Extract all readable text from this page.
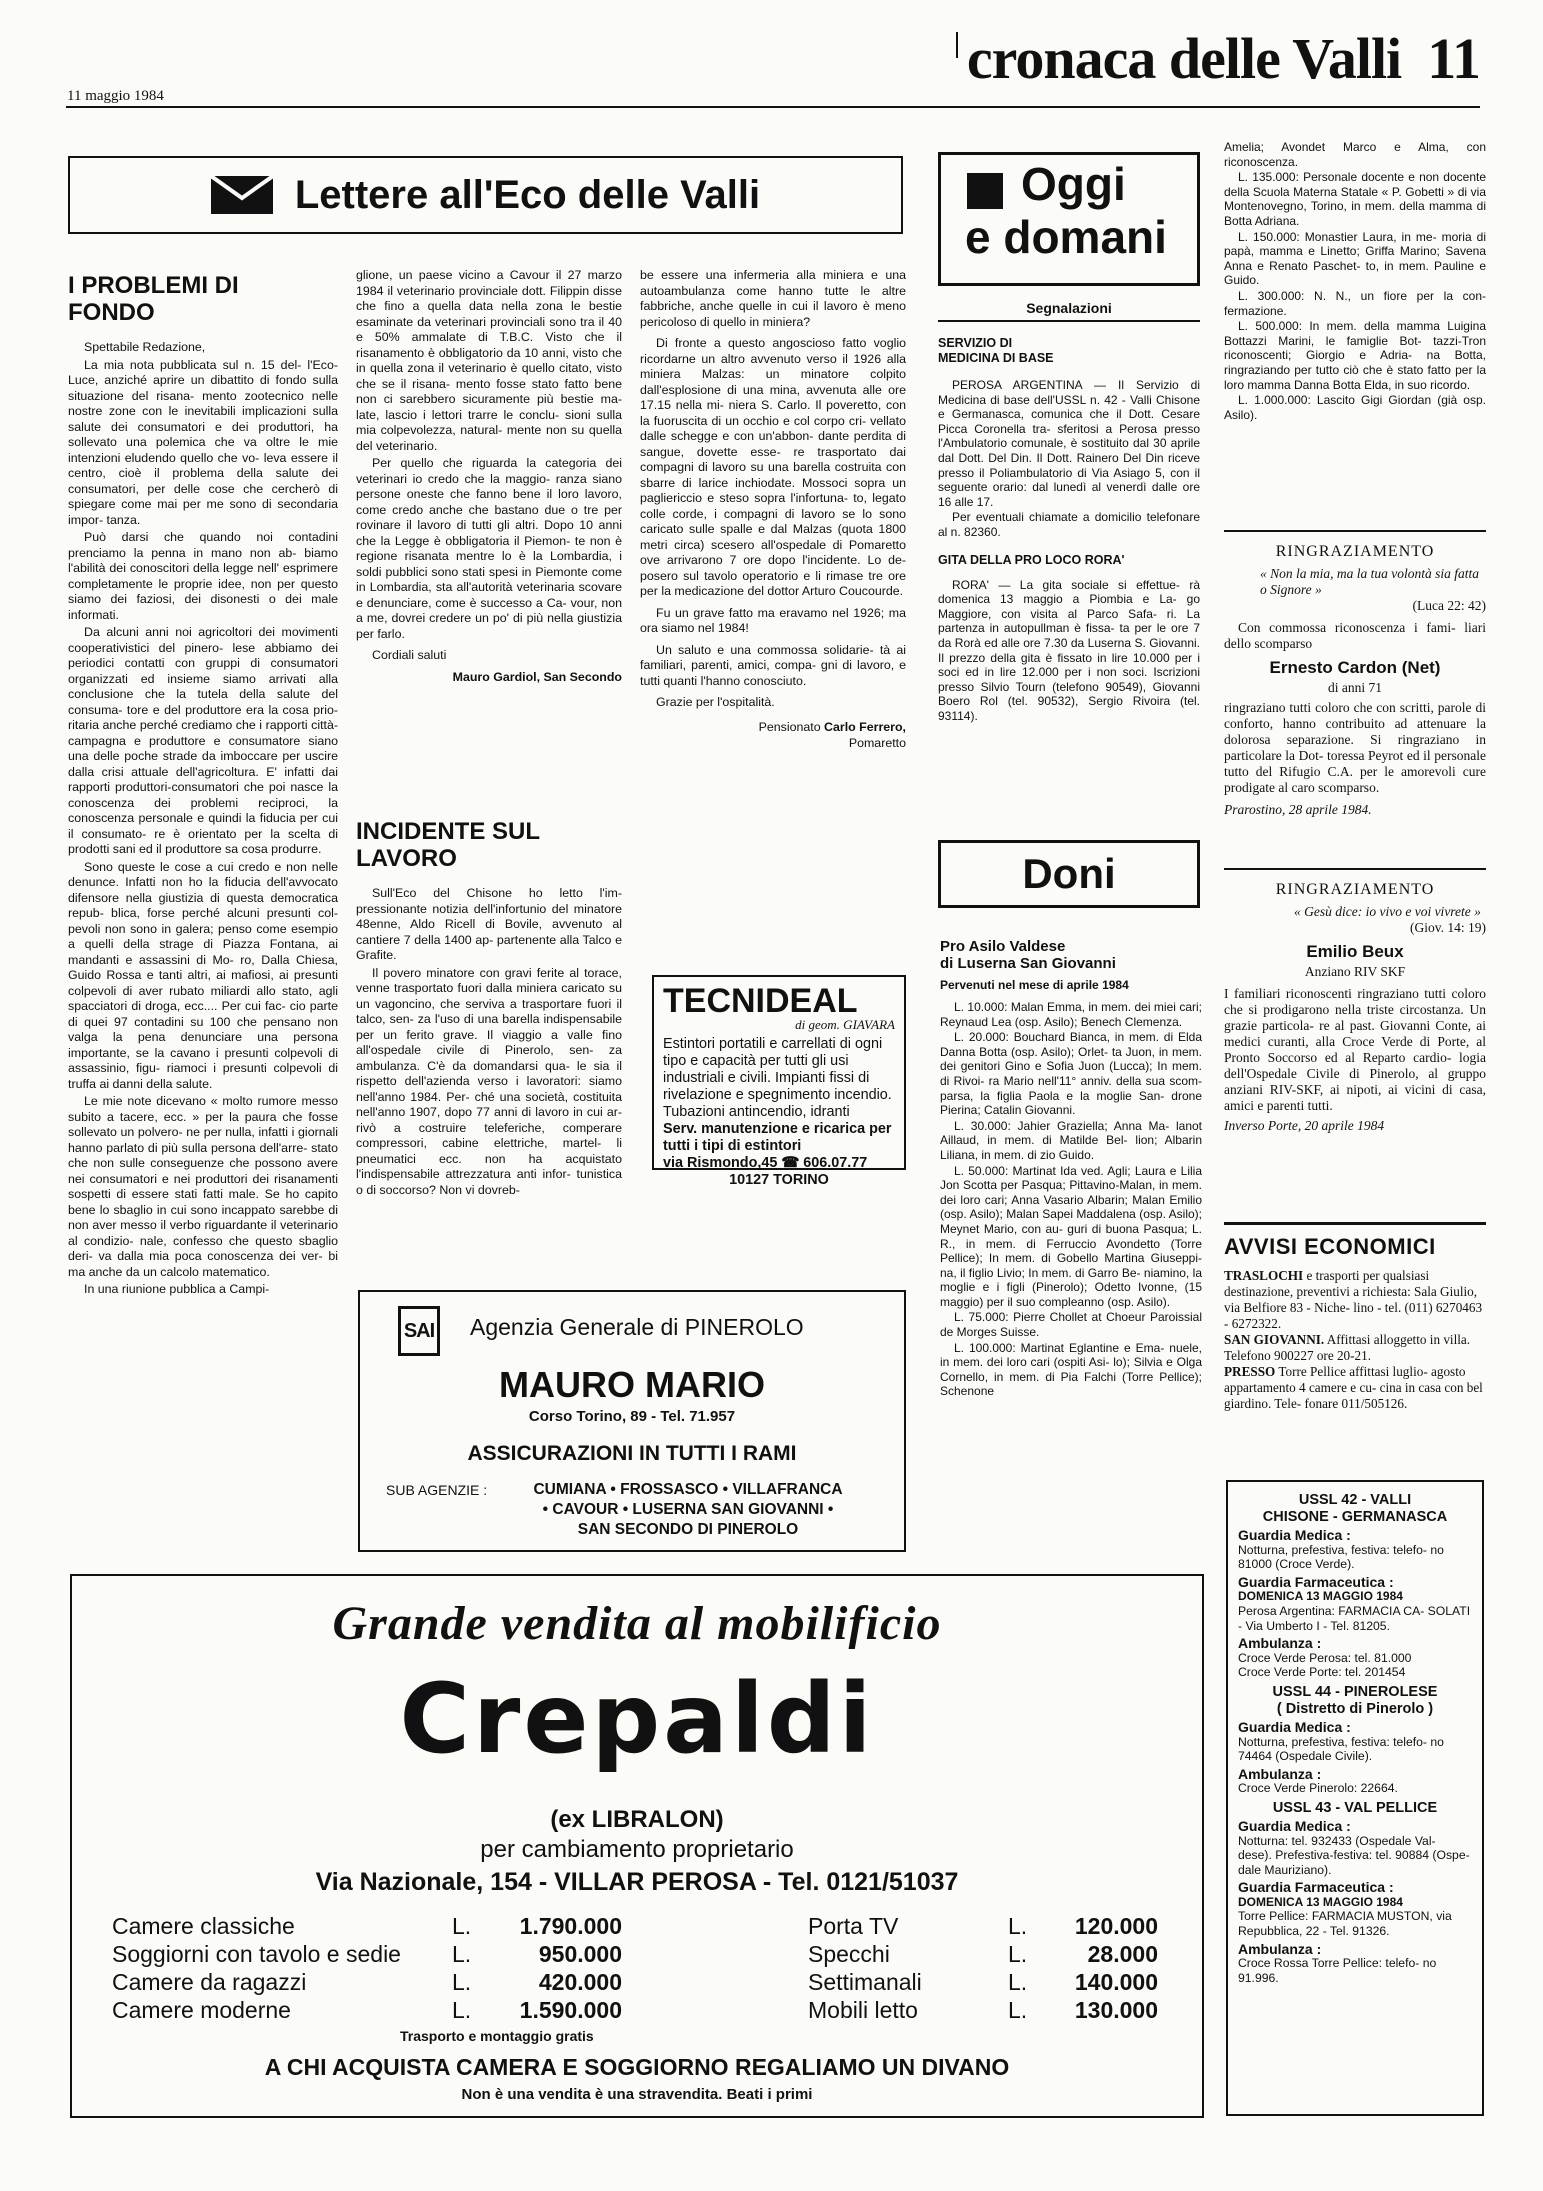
11 maggio 1984
cronaca delle Valli 11
Lettere all'Eco delle Valli
I PROBLEMI DI FONDO

Spettabile Redazione,

La mia nota pubblicata sul n. 15 del- l'Eco-Luce, anziché aprire un dibattito di fondo sulla situazione del risana- mento zootecnico nelle nostre zone con le inevitabili implicazioni sulla salute dei consumatori e dei produttori, ha sollevato una polemica che va oltre le mie intenzioni eludendo quello che vo- leva essere il centro, cioè il problema della salute dei consumatori, per delle cose che cercherò di spiegare come mai per me sono di secondaria impor- tanza.

Può darsi che quando noi contadini prenciamo la penna in mano non ab- biamo l'abilità dei conoscitori della legge nell' esprimere completamente le proprie idee, non per questo siamo dei faziosi, dei disonesti o dei male informati.

Da alcuni anni noi agricoltori dei movimenti cooperativistici del pinero- lese abbiamo dei periodici contatti con gruppi di consumatori organizzati ed insieme siamo arrivati alla conclusione che la tutela della salute del consuma- tore e del produttore era la cosa prio- ritaria anche perché crediamo che i rapporti città-campagna e produttore e consumatore siano una delle poche strade da imboccare per uscire dalla crisi attuale dell'agricoltura. E' infatti dai rapporti produttori-consumatori che poi nasce la conoscenza dei problemi reciproci, la conoscenza personale e quindi la fiducia per cui il consumato- re è orientato per la scelta di prodotti sani ed il produttore sa cosa produrre.

Sono queste le cose a cui credo e non nelle denunce. Infatti non ho la fiducia dell'avvocato difensore nella giustizia di questa democratica repub- blica, forse perché alcuni presunti col- pevoli non sono in galera; penso come esempio a quelli della strage di Piazza Fontana, ai mandanti e assassini di Mo- ro, Dalla Chiesa, Guido Rossa e tanti altri, ai mafiosi, ai presunti colpevoli di aver rubato miliardi allo stato, agli spacciatori di droga, ecc.... Per cui fac- cio parte di quei 97 contadini su 100 che pensano non valga la pena denunciare una persona importante, se la cavano i presunti colpevoli di assassinio, figu- riamoci i presunti colpevoli di truffa ai danni della salute.

Le mie note dicevano « molto rumore messo subito a tacere, ecc. » per la paura che fosse sollevato un polvero- ne per nulla, infatti i giornali hanno parlato di più sulla persona dell'arre- stato che non sulle conseguenze che possono avere nei consumatori e nei produttori dei risanamenti sospetti di essere stati fatti male. Se ho capito bene lo sbaglio in cui sono incappato sarebbe di non aver messo il verbo riguardante il veterinario al condizio- nale, confesso che questo sbaglio deri- va dalla mia poca conoscenza dei ver- bi ma anche da un calcolo matematico.

In una riunione pubblica a Campi-

glione, un paese vicino a Cavour il 27 marzo 1984 il veterinario provinciale dott. Filippin disse che fino a quella data nella zona le bestie esaminate da veterinari provinciali sono tra il 40 e 50% ammalate di T.B.C. Visto che il risanamento è obbligatorio da 10 anni, visto che in quella zona il veterinario è quello citato, visto che se il risana- mento fosse stato fatto bene non ci sarebbero sicuramente più bestie ma- late, lascio i lettori trarre le conclu- sioni sulla mia colpevolezza, natural- mente non su quella del veterinario.

Per quello che riguarda la categoria dei veterinari io credo che la maggio- ranza siano persone oneste che fanno bene il loro lavoro, come credo anche che bastano due o tre per rovinare il lavoro di tutti gli altri. Dopo 10 anni che la Legge è obbligatoria il Piemon- te non è regione risanata mentre lo è la Lombardia, i soldi pubblici sono stati spesi in Piemonte come in Lombardia, sta all'autorità veterinaria scovare e denunciare, come è successo a Ca- vour, non a me, dovrei credere un po' di più nella giustizia per farlo.

Cordiali saluti

Mauro Gardiol, San Secondo
INCIDENTE SUL LAVORO

Sull'Eco del Chisone ho letto l'im- pressionante notizia dell'infortunio del minatore 48enne, Aldo Ricell di Bovile, avvenuto al cantiere 7 della 1400 ap- partenente alla Talco e Grafite.

Il povero minatore con gravi ferite al torace, venne trasportato fuori dalla miniera caricato su un vagoncino, che serviva a trasportare fuori il talco, sen- za l'uso di una barella indispensabile per un ferito grave. Il viaggio a valle fino all'ospedale civile di Pinerolo, sen- za ambulanza. C'è da domandarsi qua- le sia il rispetto dell'azienda verso i lavoratori: siamo nell'anno 1984. Per- ché una società, costituita nell'anno 1907, dopo 77 anni di lavoro in cui ar- rivò a costruire teleferiche, comperare compressori, cabine elettriche, martel- li pneumatici ecc. non ha acquistato l'indispensabile attrezzatura anti infor- tunistica o di soccorso? Non vi dovreb-

be essere una infermeria alla miniera e una autoambulanza come hanno tutte le altre fabbriche, anche quelle in cui il lavoro è meno pericoloso di quello in miniera?

Di fronte a questo angoscioso fatto voglio ricordarne un altro avvenuto verso il 1926 alla miniera Malzas: un minatore colpito dall'esplosione di una mina, avvenuta alle ore 17.15 nella mi- niera S. Carlo. Il poveretto, con la fuoruscita di un occhio e col corpo cri- vellato dalle schegge e con un'abbon- dante perdita di sangue, dovette esse- re trasportato dai compagni di lavoro su una barella costruita con sbarre di larice inchiodate. Mossoci sopra un pagliericcio e steso sopra l'infortuna- to, legato colle corde, i compagni di lavoro se lo sono caricato sulle spalle e dal Malzas (quota 1800 metri circa) scesero all'ospedale di Pomaretto ove arrivarono 7 ore dopo l'incidente. Lo de- posero sul tavolo operatorio e li rimase tre ore per la medicazione del dottor Arturo Coucourde.

Fu un grave fatto ma eravamo nel 1926; ma ora siamo nel 1984!

Un saluto e una commossa solidarie- tà ai familiari, parenti, amici, compa- gni di lavoro, e tutti quanti l'hanno conosciuto.

Grazie per l'ospitalità.

Pensionato Carlo Ferrero,
Pomaretto
TECNIDEAL
di geom. GIAVARA
Estintori portatili e carrellati di ogni tipo e capacità per tutti gli usi industriali e civili. Impianti fissi di rivelazione e spegnimento incendio. Tubazioni antincendio, idranti
Serv. manutenzione e ricarica per tutti i tipi di estintori
via Rismondo,45 ☎ 606.07.77
10127 TORINO
SAI Agenzia Generale di PINEROLO
MAURO MARIO
Corso Torino, 89 - Tel. 71.957
ASSICURAZIONI IN TUTTI I RAMI
SUB AGENZIE :	CUMIANA • FROSSASCO • VILLAFRANCA
• CAVOUR • LUSERNA SAN GIOVANNI •
SAN SECONDO DI PINEROLO
Oggi
e domani
Segnalazioni
SERVIZIO DI
MEDICINA DI BASE

PEROSA ARGENTINA — Il Servizio di Medicina di base dell'USSL n. 42 - Valli Chisone e Germanasca, comunica che il Dott. Cesare Picca Coronella tra- sferitosi a Perosa presso l'Ambulatorio comunale, è sostituito dal 30 aprile dal Dott. Del Din. Il Dott. Rainero Del Din riceve presso il Poliambulatorio di Via Asiago 5, con il seguente orario: dal lunedì al venerdì dalle ore 16 alle 17.

Per eventuali chiamate a domicilio telefonare al n. 82360.

GITA DELLA PRO LOCO RORA'

RORA' — La gita sociale si effettue- rà domenica 13 maggio a Piombia e La- go Maggiore, con visita al Parco Safa- ri. La partenza in autopullman è fissa- ta per le ore 7 da Rorà ed alle ore 7.30 da Luserna S. Giovanni. Il prezzo della gita è fissato in lire 10.000 per i soci ed in lire 12.000 per i non soci. Iscrizioni presso Silvio Tourn (telefono 90549), Giovanni Boero Rol (tel. 90532), Sergio Rivoira (tel. 93114).

Doni
Pro Asilo Valdese
di Luserna San Giovanni
Pervenuti nel mese di aprile 1984

L. 10.000: Malan Emma, in mem. dei miei cari; Reynaud Lea (osp. Asilo); Benech Clemenza.

L. 20.000: Bouchard Bianca, in mem. di Elda Danna Botta (osp. Asilo); Orlet- ta Juon, in mem. dei genitori Gino e Sofia Juon (Lucca); In mem. di Rivoi- ra Mario nell'11° anniv. della sua scom- parsa, la figlia Paola e la moglie San- drone Pierina; Catalin Giovanni.

L. 30.000: Jahier Graziella; Anna Ma- lanot Aillaud, in mem. di Matilde Bel- lion; Albarin Liliana, in mem. di zio Guido.

L. 50.000: Martinat Ida ved. Agli; Laura e Lilia Jon Scotta per Pasqua; Pittavino-Malan, in mem. dei loro cari; Anna Vasario Albarin; Malan Emilio (osp. Asilo); Malan Sapei Maddalena (osp. Asilo); Meynet Mario, con au- guri di buona Pasqua; L. R., in mem. di Ferruccio Avondetto (Torre Pellice); In mem. di Gobello Martina Giuseppi- na, il figlio Livio; In mem. di Garro Be- niamino, la moglie e i figli (Pinerolo); Odetto Ivonne, (15 maggio) per il suo compleanno (osp. Asilo).

L. 75.000: Pierre Chollet at Choeur Paroissial de Morges Suisse.

L. 100.000: Martinat Eglantine e Ema- nuele, in mem. dei loro cari (ospiti Asi- lo); Silvia e Olga Cornello, in mem. di Pia Falchi (Torre Pellice); Schenone

Amelia; Avondet Marco e Alma, con riconoscenza.

L. 135.000: Personale docente e non docente della Scuola Materna Statale « P. Gobetti » di via Montenovegno, Torino, in mem. della mamma di Botta Adriana.

L. 150.000: Monastier Laura, in me- moria di papà, mamma e Linetto; Griffa Marino; Savena Anna e Renato Paschet- to, in mem. Pauline e Guido.

L. 300.000: N. N., un fiore per la con- fermazione.

L. 500.000: In mem. della mamma Luigina Bottazzi Marini, le famiglie Bot- tazzi-Tron riconoscenti; Giorgio e Adria- na Botta, ringraziando per tutto ciò che è stato fatto per la loro mamma Danna Botta Elda, in suo ricordo.

L. 1.000.000: Lascito Gigi Giordan (già osp. Asilo).

RINGRAZIAMENTO
« Non la mia, ma la tua volontà sia fatta o Signore »
(Luca 22: 42)
Con commossa riconoscenza i fami- liari dello scomparso
Ernesto Cardon (Net)
di anni 71
ringraziano tutti coloro che con scritti, parole di conforto, hanno contribuito ad attenuare la dolorosa separazione. Si ringraziano in particolare la Dot- toressa Peyrot ed il personale tutto del Rifugio C.A. per le amorevoli cure prodigate al caro scomparso.
Prarostino, 28 aprile 1984.
RINGRAZIAMENTO
« Gesù dice: io vivo e voi vivrete »
(Giov. 14: 19)
Emilio Beux
Anziano RIV SKF
I familiari riconoscenti ringraziano tutti coloro che si prodigarono nella triste circostanza. Un grazie particola- re al past. Giovanni Conte, ai medici curanti, alla Croce Verde di Porte, al Pronto Soccorso ed al Reparto cardio- logia dell'Ospedale Civile di Pinerolo, al gruppo anziani RIV-SKF, ai nipoti, ai vicini di casa, amici e parenti tutti.
Inverso Porte, 20 aprile 1984
AVVISI ECONOMICI

TRASLOCHI e trasporti per qualsiasi destinazione, preventivi a richiesta: Sala Giulio, via Belfiore 83 - Niche- lino - tel. (011) 6270463 - 6272322.

SAN GIOVANNI. Affittasi alloggetto in villa. Telefono 900227 ore 20-21.

PRESSO Torre Pellice affittasi luglio- agosto appartamento 4 camere e cu- cina in casa con bel giardino. Tele- fonare 011/505126.

USSL 42 - VALLI
CHISONE - GERMANASCA
Guardia Medica :
Notturna, prefestiva, festiva: telefo- no 81000 (Croce Verde).
Guardia Farmaceutica :
DOMENICA 13 MAGGIO 1984
Perosa Argentina: FARMACIA CA- SOLATI - Via Umberto I - Tel. 81205.
Ambulanza :
Croce Verde Perosa: tel. 81.000
Croce Verde Porte: tel. 201454
USSL 44 - PINEROLESE
( Distretto di Pinerolo )
Guardia Medica :
Notturna, prefestiva, festiva: telefo- no 74464 (Ospedale Civile).
Ambulanza :
Croce Verde Pinerolo: 22664.
USSL 43 - VAL PELLICE
Guardia Medica :
Notturna: tel. 932433 (Ospedale Val- dese). Prefestiva-festiva: tel. 90884 (Ospe- dale Mauriziano).
Guardia Farmaceutica :
DOMENICA 13 MAGGIO 1984
Torre Pellice: FARMACIA MUSTON, via Repubblica, 22 - Tel. 91326.
Ambulanza :
Croce Rossa Torre Pellice: telefo- no 91.996.
Grande vendita al mobilificio
Crepaldi
(ex LIBRALON)
per cambiamento proprietario
Via Nazionale, 154 - VILLAR PEROSA - Tel. 0121/51037
Camere classiche	L.	1.790.000
Soggiorni con tavolo e sedie	L.	950.000
Camere da ragazzi	L.	420.000
Camere moderne	L.	1.590.000
Porta TV	L.	120.000
Specchi	L.	28.000
Settimanali	L.	140.000
Mobili letto	L.	130.000
Trasporto e montaggio gratis
A CHI ACQUISTA CAMERA E SOGGIORNO REGALIAMO UN DIVANO
Non è una vendita è una stravendita. Beati i primi
